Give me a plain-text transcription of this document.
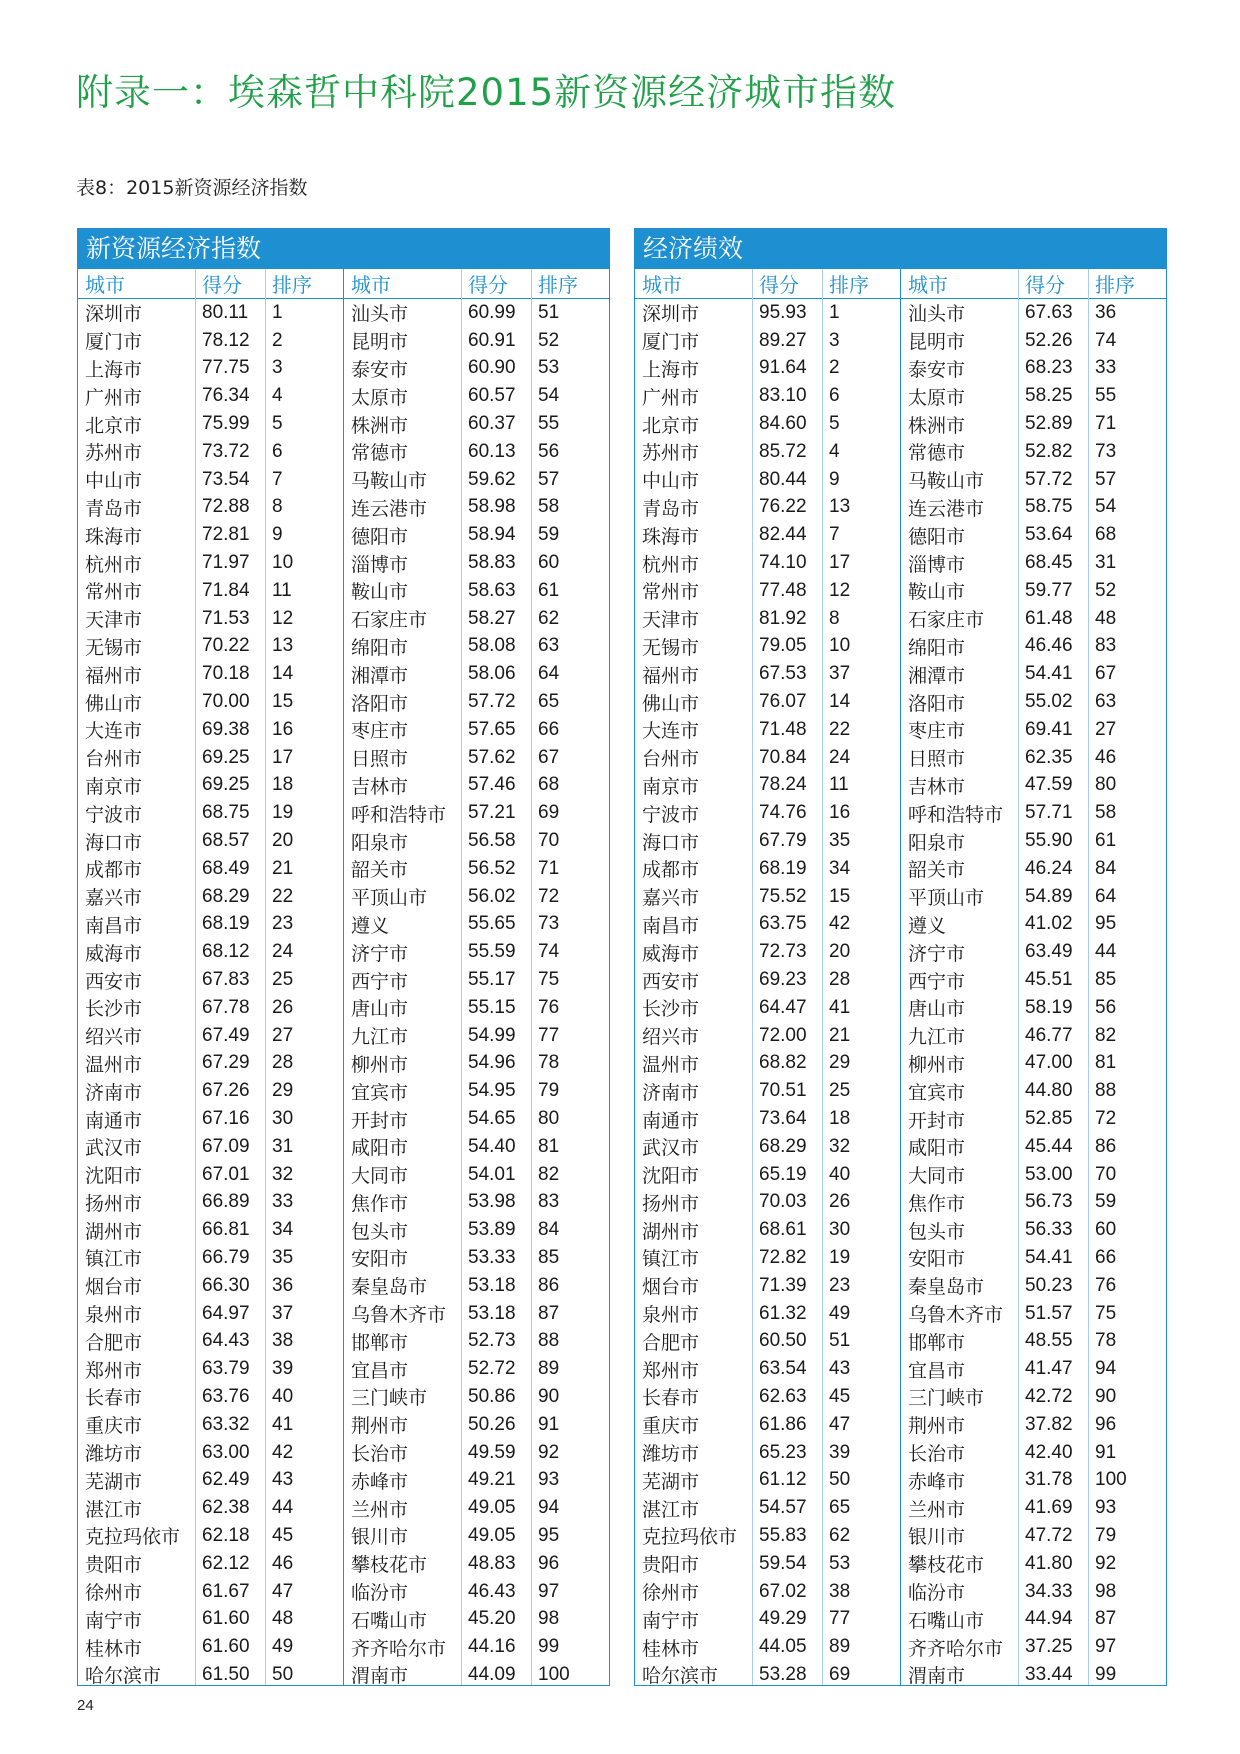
附录一：埃森哲中科院2015新资源经济城市指数
表8：2015新资源经济指数
新资源经济指数
城市	得分	排序
深圳市	80.11	1
厦门市	78.12	2
上海市	77.75	3
广州市	76.34	4
北京市	75.99	5
苏州市	73.72	6
中山市	73.54	7
青岛市	72.88	8
珠海市	72.81	9
杭州市	71.97	10
常州市	71.84	11
天津市	71.53	12
无锡市	70.22	13
福州市	70.18	14
佛山市	70.00	15
大连市	69.38	16
台州市	69.25	17
南京市	69.25	18
宁波市	68.75	19
海口市	68.57	20
成都市	68.49	21
嘉兴市	68.29	22
南昌市	68.19	23
威海市	68.12	24
西安市	67.83	25
长沙市	67.78	26
绍兴市	67.49	27
温州市	67.29	28
济南市	67.26	29
南通市	67.16	30
武汉市	67.09	31
沈阳市	67.01	32
扬州市	66.89	33
湖州市	66.81	34
镇江市	66.79	35
烟台市	66.30	36
泉州市	64.97	37
合肥市	64.43	38
郑州市	63.79	39
长春市	63.76	40
重庆市	63.32	41
潍坊市	63.00	42
芜湖市	62.49	43
湛江市	62.38	44
克拉玛依市	62.18	45
贵阳市	62.12	46
徐州市	61.67	47
南宁市	61.60	48
桂林市	61.60	49
哈尔滨市	61.50	50
城市	得分	排序
汕头市	60.99	51
昆明市	60.91	52
泰安市	60.90	53
太原市	60.57	54
株洲市	60.37	55
常德市	60.13	56
马鞍山市	59.62	57
连云港市	58.98	58
德阳市	58.94	59
淄博市	58.83	60
鞍山市	58.63	61
石家庄市	58.27	62
绵阳市	58.08	63
湘潭市	58.06	64
洛阳市	57.72	65
枣庄市	57.65	66
日照市	57.62	67
吉林市	57.46	68
呼和浩特市	57.21	69
阳泉市	56.58	70
韶关市	56.52	71
平顶山市	56.02	72
遵义	55.65	73
济宁市	55.59	74
西宁市	55.17	75
唐山市	55.15	76
九江市	54.99	77
柳州市	54.96	78
宜宾市	54.95	79
开封市	54.65	80
咸阳市	54.40	81
大同市	54.01	82
焦作市	53.98	83
包头市	53.89	84
安阳市	53.33	85
秦皇岛市	53.18	86
乌鲁木齐市	53.18	87
邯郸市	52.73	88
宜昌市	52.72	89
三门峡市	50.86	90
荆州市	50.26	91
长治市	49.59	92
赤峰市	49.21	93
兰州市	49.05	94
银川市	49.05	95
攀枝花市	48.83	96
临汾市	46.43	97
石嘴山市	45.20	98
齐齐哈尔市	44.16	99
渭南市	44.09	100
经济绩效
城市	得分	排序
深圳市	95.93	1
厦门市	89.27	3
上海市	91.64	2
广州市	83.10	6
北京市	84.60	5
苏州市	85.72	4
中山市	80.44	9
青岛市	76.22	13
珠海市	82.44	7
杭州市	74.10	17
常州市	77.48	12
天津市	81.92	8
无锡市	79.05	10
福州市	67.53	37
佛山市	76.07	14
大连市	71.48	22
台州市	70.84	24
南京市	78.24	11
宁波市	74.76	16
海口市	67.79	35
成都市	68.19	34
嘉兴市	75.52	15
南昌市	63.75	42
威海市	72.73	20
西安市	69.23	28
长沙市	64.47	41
绍兴市	72.00	21
温州市	68.82	29
济南市	70.51	25
南通市	73.64	18
武汉市	68.29	32
沈阳市	65.19	40
扬州市	70.03	26
湖州市	68.61	30
镇江市	72.82	19
烟台市	71.39	23
泉州市	61.32	49
合肥市	60.50	51
郑州市	63.54	43
长春市	62.63	45
重庆市	61.86	47
潍坊市	65.23	39
芜湖市	61.12	50
湛江市	54.57	65
克拉玛依市	55.83	62
贵阳市	59.54	53
徐州市	67.02	38
南宁市	49.29	77
桂林市	44.05	89
哈尔滨市	53.28	69
城市	得分	排序
汕头市	67.63	36
昆明市	52.26	74
泰安市	68.23	33
太原市	58.25	55
株洲市	52.89	71
常德市	52.82	73
马鞍山市	57.72	57
连云港市	58.75	54
德阳市	53.64	68
淄博市	68.45	31
鞍山市	59.77	52
石家庄市	61.48	48
绵阳市	46.46	83
湘潭市	54.41	67
洛阳市	55.02	63
枣庄市	69.41	27
日照市	62.35	46
吉林市	47.59	80
呼和浩特市	57.71	58
阳泉市	55.90	61
韶关市	46.24	84
平顶山市	54.89	64
遵义	41.02	95
济宁市	63.49	44
西宁市	45.51	85
唐山市	58.19	56
九江市	46.77	82
柳州市	47.00	81
宜宾市	44.80	88
开封市	52.85	72
咸阳市	45.44	86
大同市	53.00	70
焦作市	56.73	59
包头市	56.33	60
安阳市	54.41	66
秦皇岛市	50.23	76
乌鲁木齐市	51.57	75
邯郸市	48.55	78
宜昌市	41.47	94
三门峡市	42.72	90
荆州市	37.82	96
长治市	42.40	91
赤峰市	31.78	100
兰州市	41.69	93
银川市	47.72	79
攀枝花市	41.80	92
临汾市	34.33	98
石嘴山市	44.94	87
齐齐哈尔市	37.25	97
渭南市	33.44	99
24
